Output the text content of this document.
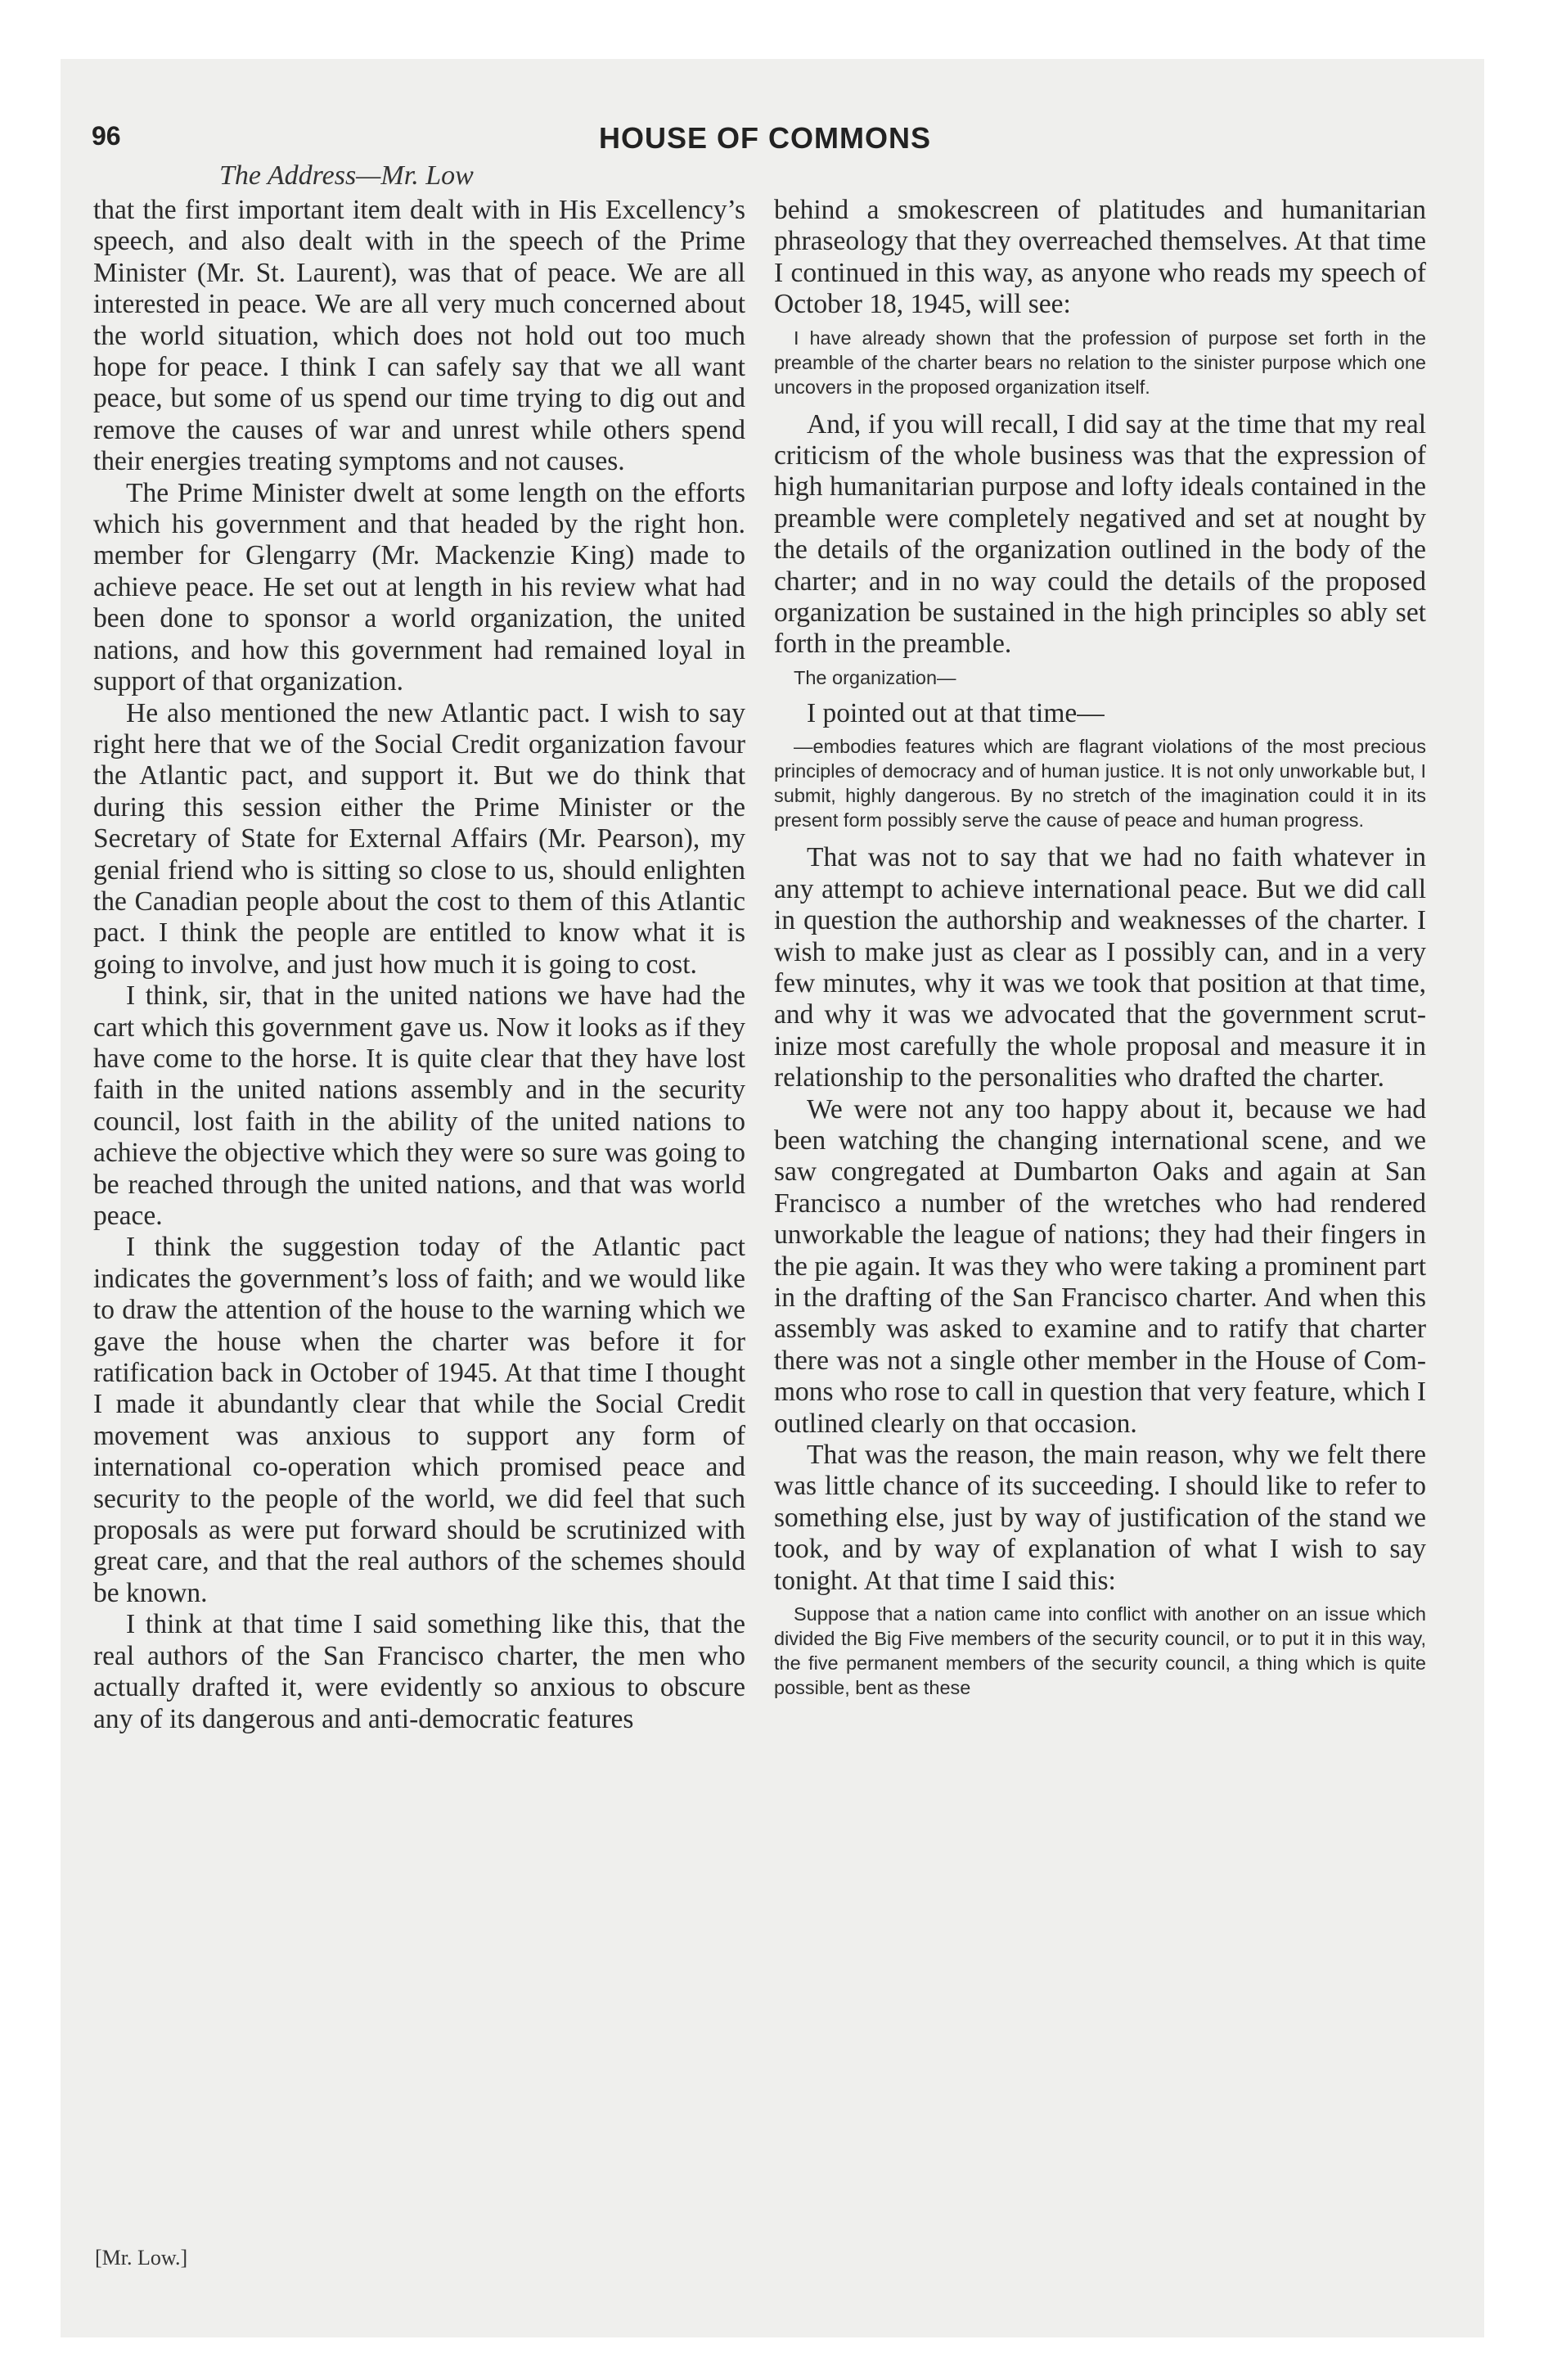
96	HOUSE OF COMMONS
The Address—Mr. Low

that the first important item dealt with in His Excellency’s speech, and also dealt with in the speech of the Prime Minister (Mr. St. Laurent), was that of peace. We are all interested in peace. We are all very much concerned about the world situation, which does not hold out too much hope for peace. I think I can safely say that we all want peace, but some of us spend our time trying to dig out and remove the causes of war and unrest while others spend their energies treating symptoms and not causes.

The Prime Minister dwelt at some length on the efforts which his government and that headed by the right hon. member for Glengarry (Mr. Mackenzie King) made to achieve peace. He set out at length in his review what had been done to sponsor a world organization, the united nations, and how this government had remained loyal in support of that organization.

He also mentioned the new Atlantic pact. I wish to say right here that we of the Social Credit organization favour the Atlantic pact, and support it. But we do think that during this session either the Prime Minister or the Secretary of State for External Affairs (Mr. Pearson), my genial friend who is sitting so close to us, should enlighten the Canadian people about the cost to them of this Atlantic pact. I think the people are entitled to know what it is going to involve, and just how much it is going to cost.

I think, sir, that in the united nations we have had the cart which this government gave us. Now it looks as if they have come to the horse. It is quite clear that they have lost faith in the united nations assembly and in the security council, lost faith in the ability of the united nations to achieve the objective which they were so sure was going to be reached through the united nations, and that was world peace.

I think the suggestion today of the Atlantic pact indicates the government’s loss of faith; and we would like to draw the attention of the house to the warning which we gave the house when the charter was before it for ratification back in October of 1945. At that time I thought I made it abundantly clear that while the Social Credit movement was anxious to support any form of international co-operation which promised peace and security to the people of the world, we did feel that such proposals as were put forward should be scrutinized with great care, and that the real authors of the schemes should be known.

I think at that time I said something like this, that the real authors of the San Francisco charter, the men who actually drafted it, were evidently so anxious to obscure any of its dangerous and anti-democratic features

behind a smokescreen of platitudes and humanitarian phraseology that they overreached themselves. At that time I continued in this way, as anyone who reads my speech of October 18, 1945, will see:

I have already shown that the profession of purpose set forth in the preamble of the charter bears no relation to the sinister purpose which one uncovers in the proposed organization itself.

And, if you will recall, I did say at the time that my real criticism of the whole business was that the expression of high humanitarian purpose and lofty ideals contained in the preamble were completely negatived and set at nought by the details of the organization outlined in the body of the charter; and in no way could the details of the proposed organization be sustained in the high principles so ably set forth in the preamble.

The organization—

I pointed out at that time—

—embodies features which are flagrant violations of the most precious principles of democracy and of human justice. It is not only unworkable but, I submit, highly dangerous. By no stretch of the imagination could it in its present form possibly serve the cause of peace and human progress.

That was not to say that we had no faith whatever in any attempt to achieve international peace. But we did call in question the authorship and weaknesses of the charter. I wish to make just as clear as I possibly can, and in a very few minutes, why it was we took that position at that time, and why it was we advocated that the government scrutinize most carefully the whole proposal and measure it in relationship to the personalities who drafted the charter.

We were not any too happy about it, because we had been watching the changing international scene, and we saw congregated at Dumbarton Oaks and again at San Francisco a number of the wretches who had rendered unworkable the league of nations; they had their fingers in the pie again. It was they who were taking a prominent part in the drafting of the San Francisco charter. And when this assembly was asked to examine and to ratify that charter there was not a single other member in the House of Commons who rose to call in question that very feature, which I outlined clearly on that occasion.

That was the reason, the main reason, why we felt there was little chance of its succeeding. I should like to refer to something else, just by way of justification of the stand we took, and by way of explanation of what I wish to say tonight. At that time I said this:

Suppose that a nation came into conflict with another on an issue which divided the Big Five members of the security council, or to put it in this way, the five permanent members of the security council, a thing which is quite possible, bent as these

[Mr. Low.]
